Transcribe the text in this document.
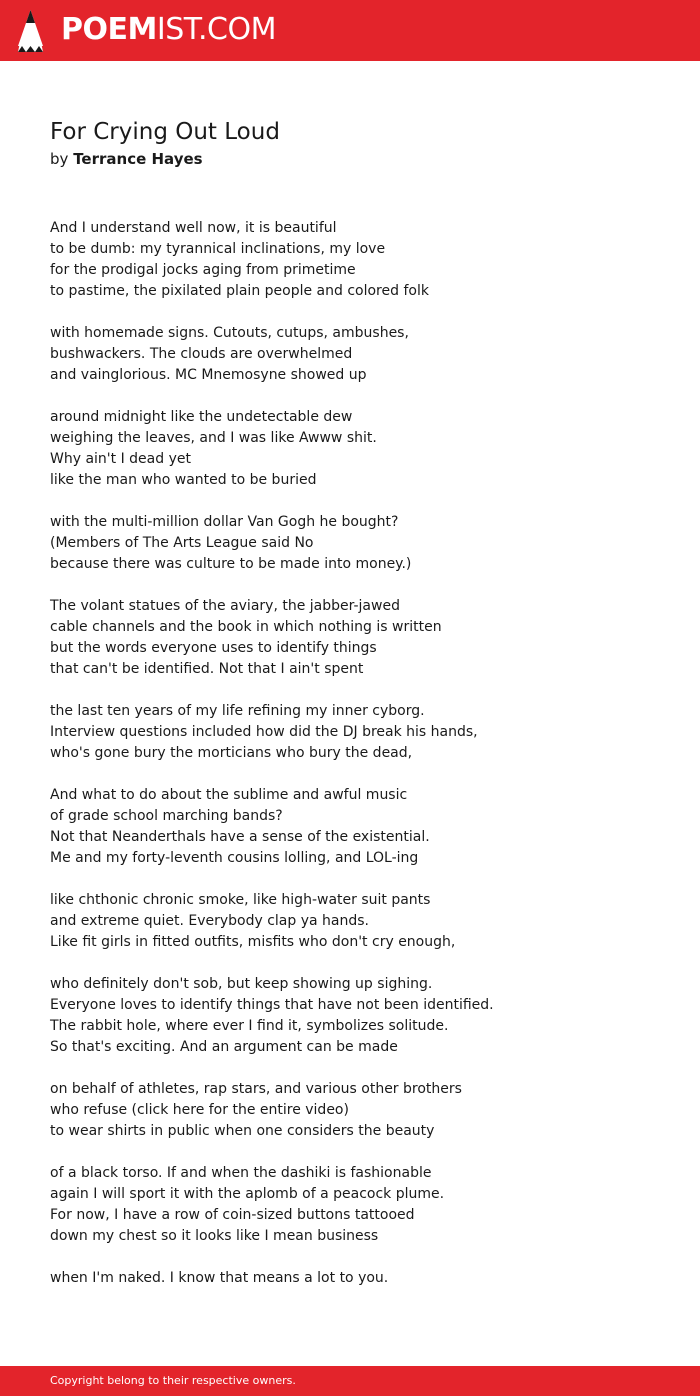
POEMIST.COM
For Crying Out Loud
by Terrance Hayes
And I understand well now, it is beautiful
to be dumb: my tyrannical inclinations, my love
for the prodigal jocks aging from primetime
to pastime, the pixilated plain people and colored folk
with homemade signs. Cutouts, cutups, ambushes,
bushwackers. The clouds are overwhelmed
and vainglorious. MC Mnemosyne showed up
around midnight like the undetectable dew
weighing the leaves, and I was like Awww shit.
Why ain't I dead yet
like the man who wanted to be buried
with the multi-million dollar Van Gogh he bought?
(Members of The Arts League said No
because there was culture to be made into money.)
The volant statues of the aviary, the jabber-jawed
cable channels and the book in which nothing is written
but the words everyone uses to identify things
that can't be identified. Not that I ain't spent
the last ten years of my life refining my inner cyborg.
Interview questions included how did the DJ break his hands,
who's gone bury the morticians who bury the dead,
And what to do about the sublime and awful music
of grade school marching bands?
Not that Neanderthals have a sense of the existential.
Me and my forty-leventh cousins lolling, and LOL-ing
like chthonic chronic smoke, like high-water suit pants
and extreme quiet. Everybody clap ya hands.
Like fit girls in fitted outfits, misfits who don't cry enough,
who definitely don't sob, but keep showing up sighing.
Everyone loves to identify things that have not been identified.
The rabbit hole, where ever I find it, symbolizes solitude.
So that's exciting. And an argument can be made
on behalf of athletes, rap stars, and various other brothers
who refuse (click here for the entire video)
to wear shirts in public when one considers the beauty
of a black torso. If and when the dashiki is fashionable
again I will sport it with the aplomb of a peacock plume.
For now, I have a row of coin-sized buttons tattooed
down my chest so it looks like I mean business
when I'm naked. I know that means a lot to you.
Copyright belong to their respective owners.
